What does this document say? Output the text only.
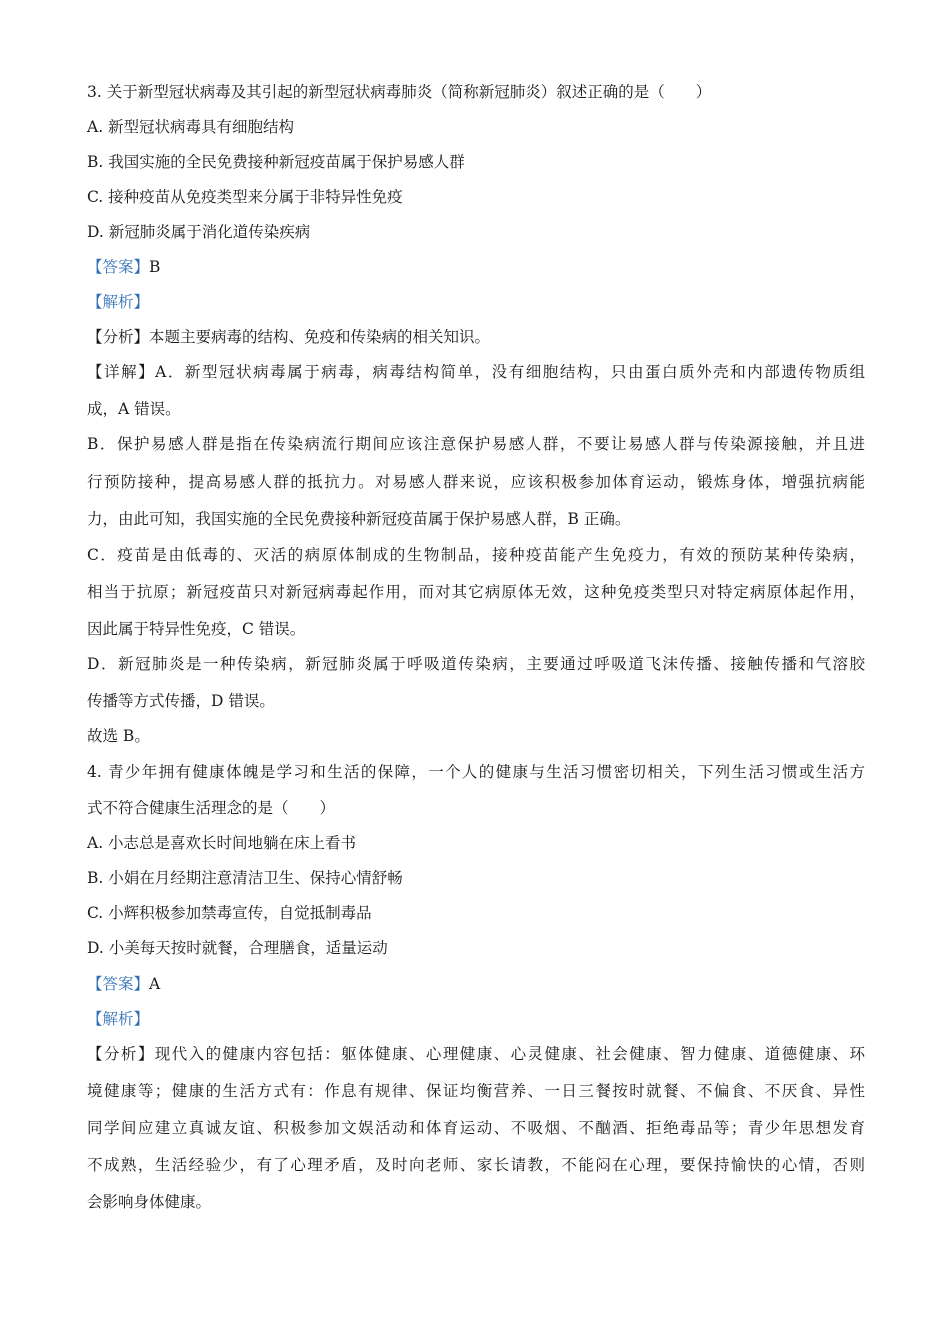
3. 关于新型冠状病毒及其引起的新型冠状病毒肺炎（简称新冠肺炎）叙述正确的是（　　）
A. 新型冠状病毒具有细胞结构
B. 我国实施的全民免费接种新冠疫苗属于保护易感人群
C. 接种疫苗从免疫类型来分属于非特异性免疫
D. 新冠肺炎属于消化道传染疾病
【答案】B
【解析】
【分析】本题主要病毒的结构、免疫和传染病的相关知识。
【详解】A．新型冠状病毒属于病毒，病毒结构简单，没有细胞结构，只由蛋白质外壳和内部遗传物质组
成，A 错误。
B．保护易感人群是指在传染病流行期间应该注意保护易感人群，不要让易感人群与传染源接触，并且进
行预防接种，提高易感人群的抵抗力。对易感人群来说，应该积极参加体育运动，锻炼身体，增强抗病能
力，由此可知，我国实施的全民免费接种新冠疫苗属于保护易感人群，B 正确。
C．疫苗是由低毒的、灭活的病原体制成的生物制品，接种疫苗能产生免疫力，有效的预防某种传染病，
相当于抗原；新冠疫苗只对新冠病毒起作用，而对其它病原体无效，这种免疫类型只对特定病原体起作用，
因此属于特异性免疫，C 错误。
D．新冠肺炎是一种传染病，新冠肺炎属于呼吸道传染病，主要通过呼吸道飞沫传播、接触传播和气溶胶
传播等方式传播，D 错误。
故选 B。
4. 青少年拥有健康体魄是学习和生活的保障，一个人的健康与生活习惯密切相关，下列生活习惯或生活方
式不符合健康生活理念的是（　　）
A. 小志总是喜欢长时间地躺在床上看书
B. 小娟在月经期注意清洁卫生、保持心情舒畅
C. 小辉积极参加禁毒宣传，自觉抵制毒品
D. 小美每天按时就餐，合理膳食，适量运动
【答案】A
【解析】
【分析】现代入的健康内容包括：躯体健康、心理健康、心灵健康、社会健康、智力健康、道德健康、环
境健康等；健康的生活方式有：作息有规律、保证均衡营养、一日三餐按时就餐、不偏食、不厌食、异性
同学间应建立真诚友谊、积极参加文娱活动和体育运动、不吸烟、不酗酒、拒绝毒品等；青少年思想发育
不成熟，生活经验少，有了心理矛盾，及时向老师、家长请教，不能闷在心理，要保持愉快的心情，否则
会影响身体健康。
